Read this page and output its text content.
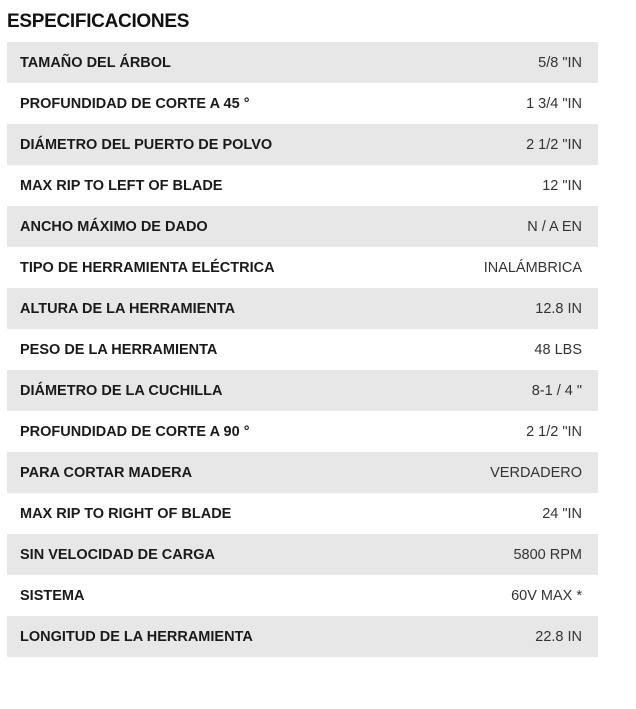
ESPECIFICACIONES
TAMAÑO DEL ÁRBOL	5/8 "IN
PROFUNDIDAD DE CORTE A 45 °	1 3/4 "IN
DIÁMETRO DEL PUERTO DE POLVO	2 1/2 "IN
MAX RIP TO LEFT OF BLADE	12 "IN
ANCHO MÁXIMO DE DADO	N / A EN
TIPO DE HERRAMIENTA ELÉCTRICA	INALÁMBRICA
ALTURA DE LA HERRAMIENTA	12.8 IN
PESO DE LA HERRAMIENTA	48 LBS
DIÁMETRO DE LA CUCHILLA	8-1 / 4 "
PROFUNDIDAD DE CORTE A 90 °	2 1/2 "IN
PARA CORTAR MADERA	VERDADERO
MAX RIP TO RIGHT OF BLADE	24 "IN
SIN VELOCIDAD DE CARGA	5800 RPM
SISTEMA	60V MAX *
LONGITUD DE LA HERRAMIENTA	22.8 IN
